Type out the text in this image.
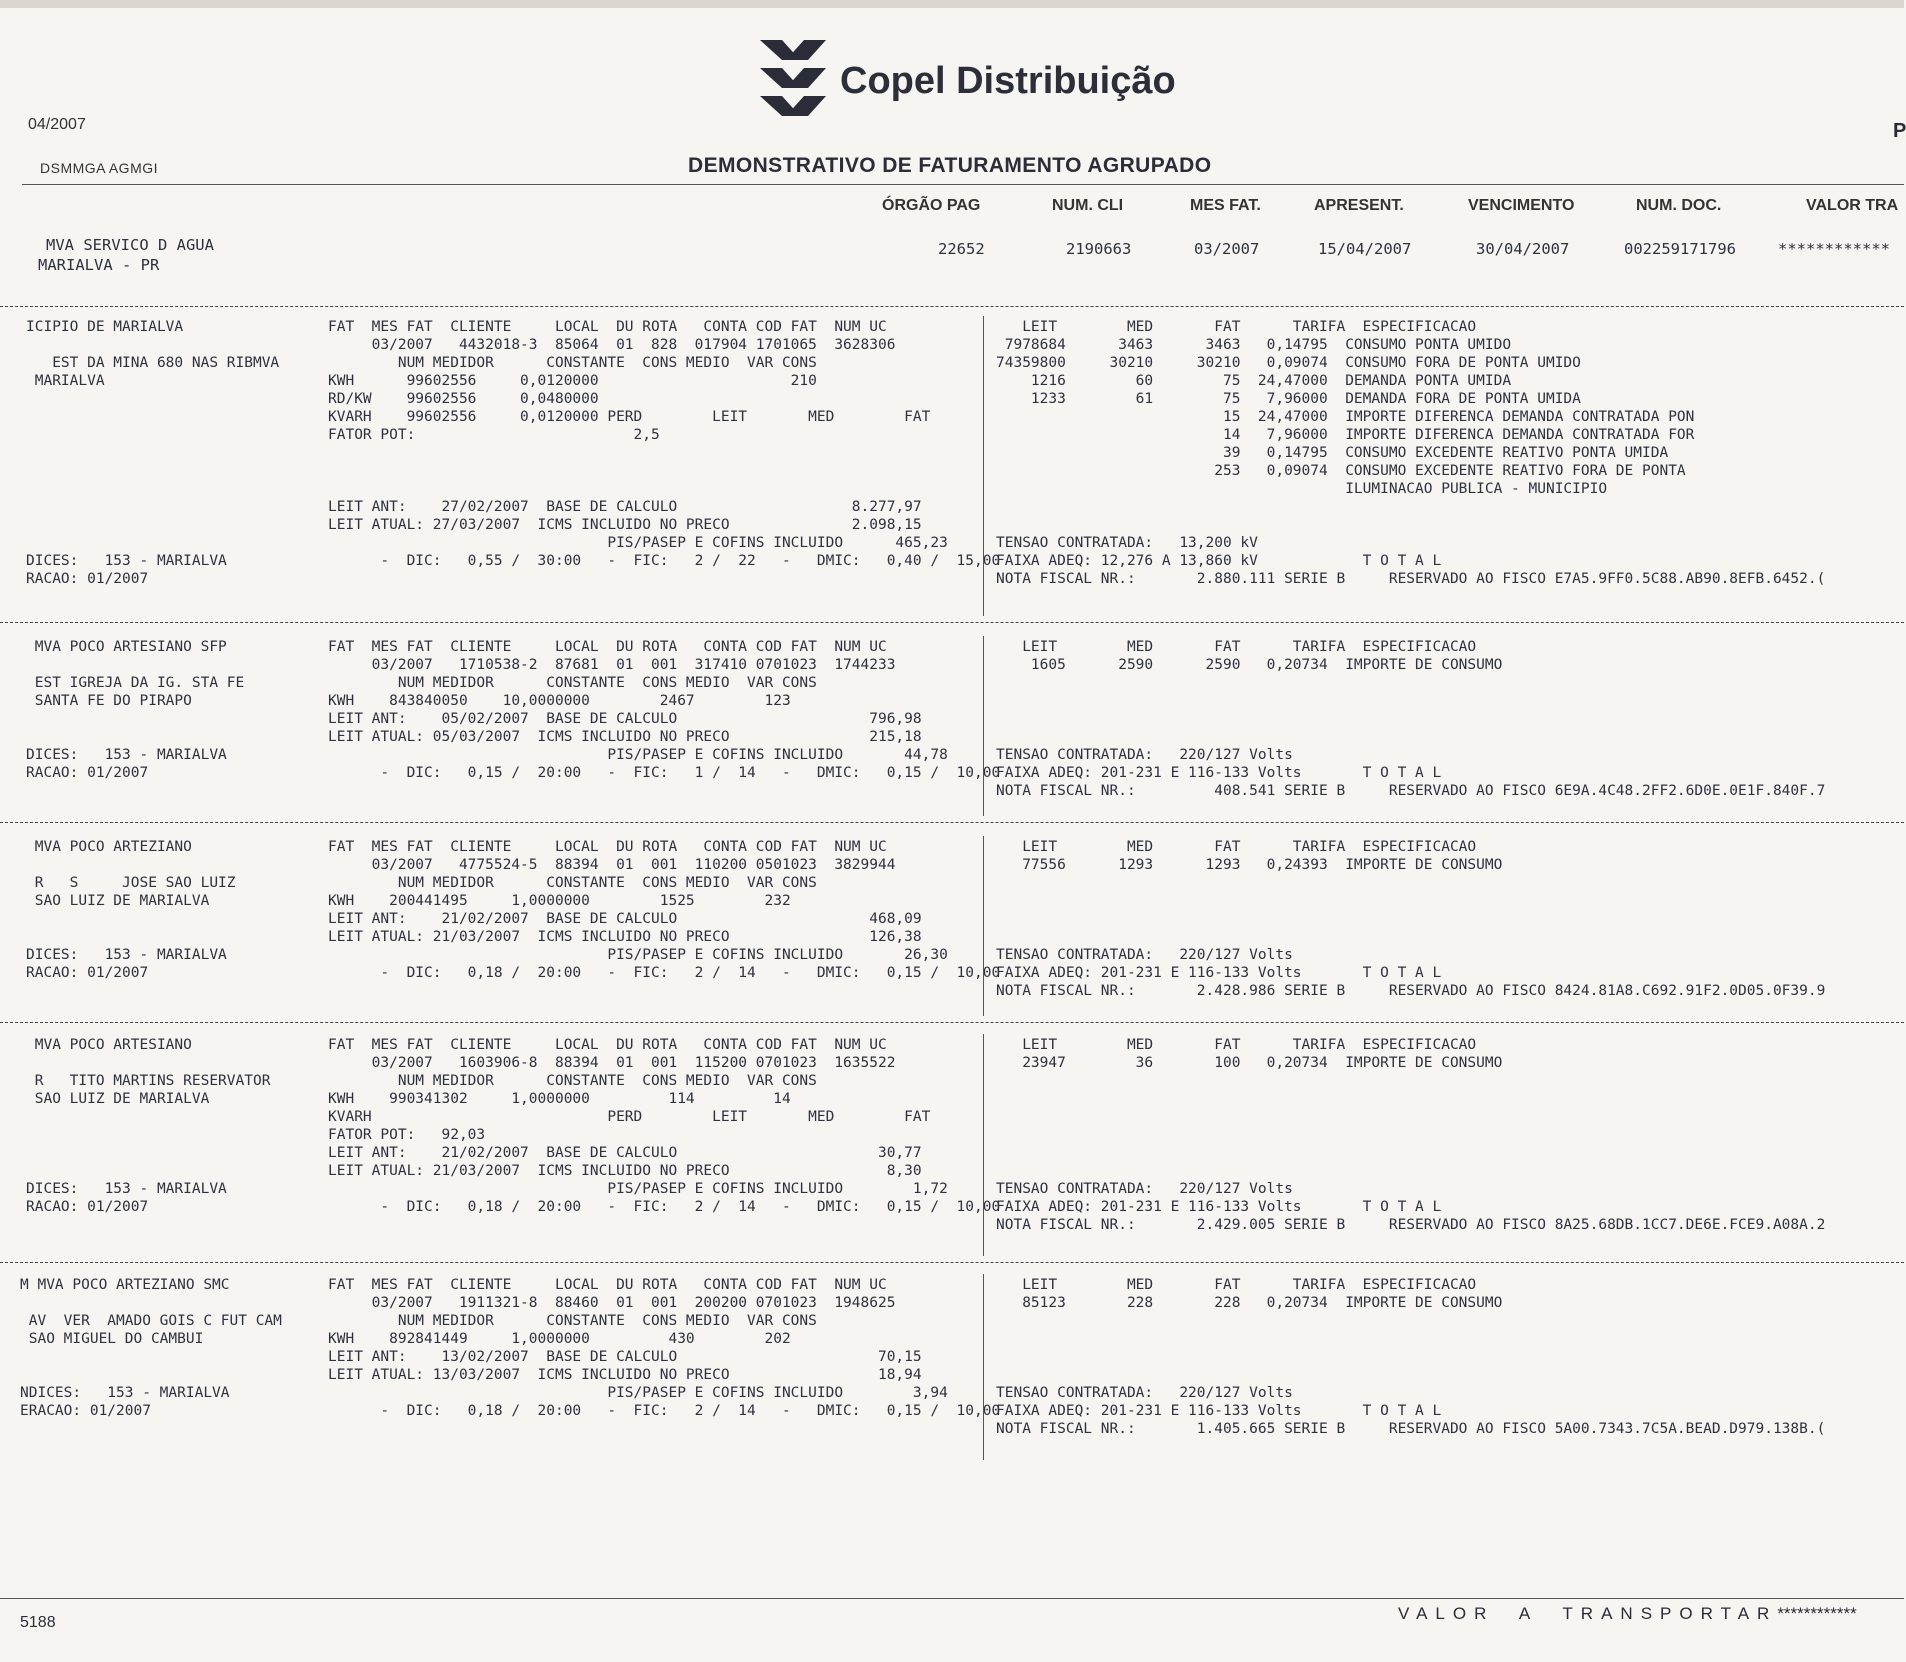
04/2007
DSMMGA AGMGI
P
Copel Distribuição
DEMONSTRATIVO DE FATURAMENTO AGRUPADO
ÓRGÃO PAG	NUM. CLI	MES FAT.	APRESENT.	VENCIMENTO	NUM. DOC.	VALOR TRA
MVA SERVICO D AGUA
MARIALVA - PR
22652	2190663	03/2007	15/04/2007	30/04/2007	002259171796	************
ICIPIO DE MARIALVA

EST DA MINA 680 NAS RIBMVA
MARIALVA

DICES:   153 - MARIALVA
RACAO: 01/2007
FAT  MES FAT  CLIENTE     LOCAL  DU ROTA   CONTA COD FAT  NUM UC
03/2007   4432018-3  85064  01  828  017904 1701065  3628306
NUM MEDIDOR      CONSTANTE  CONS MEDIO  VAR CONS
KWH      99602556     0,0120000                      210
RD/KW    99602556     0,0480000
KVARH    99602556     0,0120000 PERD        LEIT       MED        FAT
FATOR POT:                         2,5

LEIT ANT:    27/02/2007  BASE DE CALCULO                    8.277,97
LEIT ATUAL: 27/03/2007  ICMS INCLUIDO NO PRECO              2.098,15
PIS/PASEP E COFINS INCLUIDO      465,23
-  DIC:   0,55 /  30:00   -  FIC:   2 /  22   -   DMIC:   0,40 /  15,00
LEIT        MED       FAT      TARIFA  ESPECIFICACAO
7978684      3463      3463   0,14795  CONSUMO PONTA UMIDO
74359800     30210     30210   0,09074  CONSUMO FORA DE PONTA UMIDO
1216        60        75  24,47000  DEMANDA PONTA UMIDA
1233        61        75   7,96000  DEMANDA FORA DE PONTA UMIDA
15  24,47000  IMPORTE DIFERENCA DEMANDA CONTRATADA PON
14   7,96000  IMPORTE DIFERENCA DEMANDA CONTRATADA FOR
39   0,14795  CONSUMO EXCEDENTE REATIVO PONTA UMIDA
253   0,09074  CONSUMO EXCEDENTE REATIVO FORA DE PONTA
ILUMINACAO PUBLICA - MUNICIPIO

TENSAO CONTRATADA:   13,200 kV
FAIXA ADEQ: 12,276 A 13,860 kV            T O T A L
NOTA FISCAL NR.:       2.880.111 SERIE B     RESERVADO AO FISCO E7A5.9FF0.5C88.AB90.8EFB.6452.(
MVA POCO ARTESIANO SFP

EST IGREJA DA IG. STA FE
SANTA FE DO PIRAPO

DICES:   153 - MARIALVA
RACAO: 01/2007
FAT  MES FAT  CLIENTE     LOCAL  DU ROTA   CONTA COD FAT  NUM UC
03/2007   1710538-2  87681  01  001  317410 0701023  1744233
NUM MEDIDOR      CONSTANTE  CONS MEDIO  VAR CONS
KWH    843840050    10,0000000        2467        123
LEIT ANT:    05/02/2007  BASE DE CALCULO                      796,98
LEIT ATUAL: 05/03/2007  ICMS INCLUIDO NO PRECO                215,18
PIS/PASEP E COFINS INCLUIDO       44,78
-  DIC:   0,15 /  20:00   -  FIC:   1 /  14   -   DMIC:   0,15 /  10,00
LEIT        MED       FAT      TARIFA  ESPECIFICACAO
1605      2590      2590   0,20734  IMPORTE DE CONSUMO

TENSAO CONTRATADA:   220/127 Volts
FAIXA ADEQ: 201-231 E 116-133 Volts       T O T A L
NOTA FISCAL NR.:         408.541 SERIE B     RESERVADO AO FISCO 6E9A.4C48.2FF2.6D0E.0E1F.840F.7
MVA POCO ARTEZIANO

R   S     JOSE SAO LUIZ
SAO LUIZ DE MARIALVA

DICES:   153 - MARIALVA
RACAO: 01/2007
FAT  MES FAT  CLIENTE     LOCAL  DU ROTA   CONTA COD FAT  NUM UC
03/2007   4775524-5  88394  01  001  110200 0501023  3829944
NUM MEDIDOR      CONSTANTE  CONS MEDIO  VAR CONS
KWH    200441495     1,0000000        1525        232
LEIT ANT:    21/02/2007  BASE DE CALCULO                      468,09
LEIT ATUAL: 21/03/2007  ICMS INCLUIDO NO PRECO                126,38
PIS/PASEP E COFINS INCLUIDO       26,30
-  DIC:   0,18 /  20:00   -  FIC:   2 /  14   -   DMIC:   0,15 /  10,00
LEIT        MED       FAT      TARIFA  ESPECIFICACAO
77556      1293      1293   0,24393  IMPORTE DE CONSUMO

TENSAO CONTRATADA:   220/127 Volts
FAIXA ADEQ: 201-231 E 116-133 Volts       T O T A L
NOTA FISCAL NR.:       2.428.986 SERIE B     RESERVADO AO FISCO 8424.81A8.C692.91F2.0D05.0F39.9
MVA POCO ARTESIANO

R   TITO MARTINS RESERVATOR
SAO LUIZ DE MARIALVA

DICES:   153 - MARIALVA
RACAO: 01/2007
FAT  MES FAT  CLIENTE     LOCAL  DU ROTA   CONTA COD FAT  NUM UC
03/2007   1603906-8  88394  01  001  115200 0701023  1635522
NUM MEDIDOR      CONSTANTE  CONS MEDIO  VAR CONS
KWH    990341302     1,0000000         114         14
KVARH                           PERD        LEIT       MED        FAT
FATOR POT:   92,03
LEIT ANT:    21/02/2007  BASE DE CALCULO                       30,77
LEIT ATUAL: 21/03/2007  ICMS INCLUIDO NO PRECO                  8,30
PIS/PASEP E COFINS INCLUIDO        1,72
-  DIC:   0,18 /  20:00   -  FIC:   2 /  14   -   DMIC:   0,15 /  10,00
LEIT        MED       FAT      TARIFA  ESPECIFICACAO
23947        36       100   0,20734  IMPORTE DE CONSUMO

TENSAO CONTRATADA:   220/127 Volts
FAIXA ADEQ: 201-231 E 116-133 Volts       T O T A L
NOTA FISCAL NR.:       2.429.005 SERIE B     RESERVADO AO FISCO 8A25.68DB.1CC7.DE6E.FCE9.A08A.2
M MVA POCO ARTEZIANO SMC

AV  VER  AMADO GOIS C FUT CAM
SAO MIGUEL DO CAMBUI

NDICES:   153 - MARIALVA
ERACAO: 01/2007
FAT  MES FAT  CLIENTE     LOCAL  DU ROTA   CONTA COD FAT  NUM UC
03/2007   1911321-8  88460  01  001  200200 0701023  1948625
NUM MEDIDOR      CONSTANTE  CONS MEDIO  VAR CONS
KWH    892841449     1,0000000         430        202
LEIT ANT:    13/02/2007  BASE DE CALCULO                       70,15
LEIT ATUAL: 13/03/2007  ICMS INCLUIDO NO PRECO                 18,94
PIS/PASEP E COFINS INCLUIDO        3,94
-  DIC:   0,18 /  20:00   -  FIC:   2 /  14   -   DMIC:   0,15 /  10,00
LEIT        MED       FAT      TARIFA  ESPECIFICACAO
85123       228       228   0,20734  IMPORTE DE CONSUMO

TENSAO CONTRATADA:   220/127 Volts
FAIXA ADEQ: 201-231 E 116-133 Volts       T O T A L
NOTA FISCAL NR.:       1.405.665 SERIE B     RESERVADO AO FISCO 5A00.7343.7C5A.BEAD.D979.138B.(
5188	VALOR  A  TRANSPORTAR************
